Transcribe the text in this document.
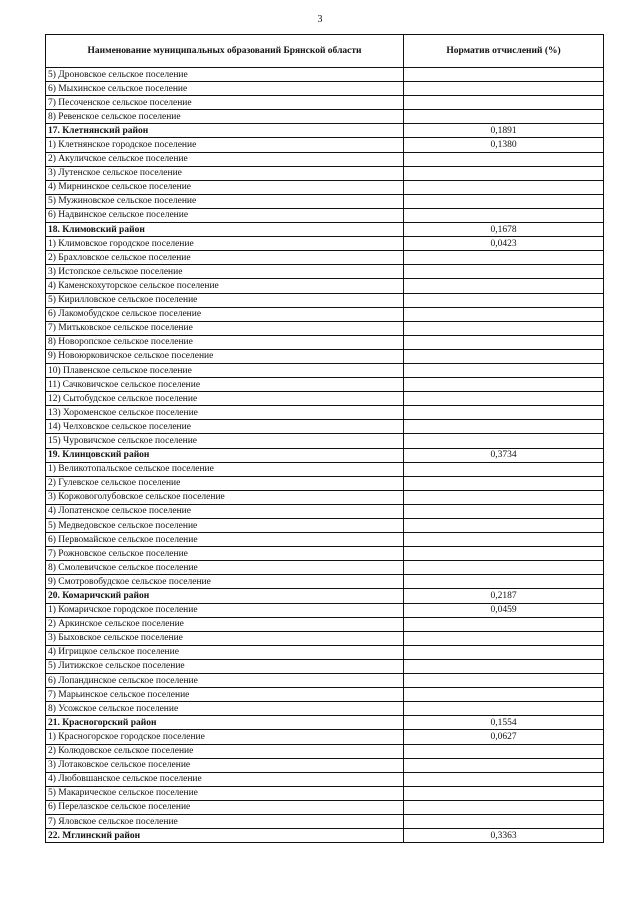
3
Наименование муниципальных образований Брянской области	Норматив отчислений (%)
5) Дроновское сельское поселение	
6) Мыхинское сельское поселение	
7) Песоченское сельское поселение	
8) Ревенское сельское поселение	
17. Клетнянский район	0,1891
1) Клетнянское городское поселение	0,1380
2) Акуличское сельское поселение	
3) Лутенское сельское поселение	
4) Мирнинское сельское поселение	
5) Мужиновское сельское поселение	
6) Надвинское сельское поселение	
18. Климовский район	0,1678
1) Климовское городское поселение	0,0423
2) Брахловское сельское поселение	
3) Истопское сельское поселение	
4) Каменскохуторское сельское поселение	
5) Кирилловское сельское поселение	
6) Лакомобудское сельское поселение	
7) Митьковское сельское поселение	
8) Новоропское сельское поселение	
9) Новоюрковичское сельское поселение	
10) Плавенское сельское поселение	
11) Сачковичское сельское поселение	
12) Сытобудское сельское поселение	
13) Хороменское сельское поселение	
14) Челховское сельское поселение	
15) Чуровичское сельское поселение	
19. Клинцовский район	0,3734
1) Великотопальское сельское поселение	
2) Гулевское сельское поселение	
3) Коржовоголубовское сельское поселение	
4) Лопатенское сельское поселение	
5) Медведовское сельское поселение	
6) Первомайское сельское поселение	
7) Рожновское сельское поселение	
8) Смолевичское сельское поселение	
9) Смотровобудское сельское поселение	
20. Комаричский район	0,2187
1) Комаричское городское поселение	0,0459
2) Аркинское сельское поселение	
3) Быховское сельское поселение	
4) Игрицкое сельское поселение	
5) Литижское сельское поселение	
6) Лопандинское сельское поселение	
7) Марьинское сельское поселение	
8) Усожское сельское поселение	
21. Красногорский район	0,1554
1) Красногорское городское поселение	0,0627
2) Колюдовское сельское поселение	
3) Лотаковское сельское поселение	
4) Любовшанское сельское поселение	
5) Макарическое сельское поселение	
6) Перелазское сельское поселение	
7) Яловское сельское поселение	
22. Мглинский район	0,3363
